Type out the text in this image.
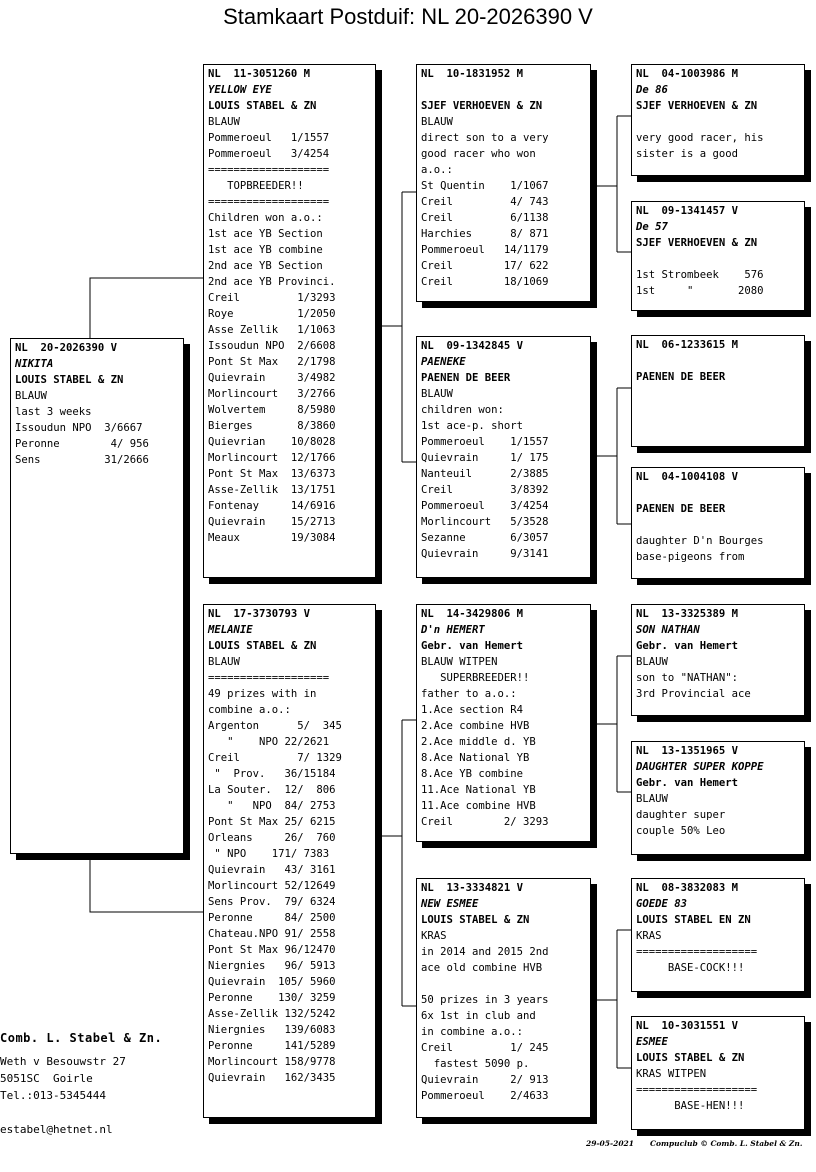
Stamkaart Postduif: NL 20-2026390 V
NL  20-2026390 V
NIKITA
LOUIS STABEL & ZN
BLAUW
last 3 weeks
Issoudun NPO  3/6667
Peronne        4/ 956
Sens          31/2666
NL  11-3051260 M
YELLOW EYE
LOUIS STABEL & ZN
BLAUW
Pommeroeul   1/1557
Pommeroeul   3/4254
===================
TOPBREEDER!!
===================
Children won a.o.:
1st ace YB Section
1st ace YB combine
2nd ace YB Section
2nd ace YB Provinci.
Creil         1/3293
Roye          1/2050
Asse Zellik   1/1063
Issoudun NPO  2/6608
Pont St Max   2/1798
Quievrain     3/4982
Morlincourt   3/2766
Wolvertem     8/5980
Bierges       8/3860
Quievrian    10/8028
Morlincourt  12/1766
Pont St Max  13/6373
Asse-Zellik  13/1751
Fontenay     14/6916
Quievrain    15/2713
Meaux        19/3084
NL  17-3730793 V
MELANIE
LOUIS STABEL & ZN
BLAUW
===================
49 prizes with in
combine a.o.:
Argenton      5/  345
"    NPO 22/2621
Creil         7/ 1329
"  Prov.   36/15184
La Souter.  12/  806
"   NPO  84/ 2753
Pont St Max 25/ 6215
Orleans     26/  760
" NPO    171/ 7383
Quievrain   43/ 3161
Morlincourt 52/12649
Sens Prov.  79/ 6324
Peronne     84/ 2500
Chateau.NPO 91/ 2558
Pont St Max 96/12470
Niergnies   96/ 5913
Quievrain  105/ 5960
Peronne    130/ 3259
Asse-Zellik 132/5242
Niergnies   139/6083
Peronne     141/5289
Morlincourt 158/9778
Quievrain   162/3435
NL  10-1831952 M
SJEF VERHOEVEN & ZN
BLAUW
direct son to a very
good racer who won
a.o.:
St Quentin    1/1067
Creil         4/ 743
Creil         6/1138
Harchies      8/ 871
Pommeroeul   14/1179
Creil        17/ 622
Creil        18/1069
NL  09-1342845 V
PAENEKE
PAENEN DE BEER
BLAUW
children won:
1st ace-p. short
Pommeroeul    1/1557
Quievrain     1/ 175
Nanteuil      2/3885
Creil         3/8392
Pommeroeul    3/4254
Morlincourt   5/3528
Sezanne       6/3057
Quievrain     9/3141
NL  14-3429806 M
D'n HEMERT
Gebr. van Hemert
BLAUW WITPEN
SUPERBREEDER!!
father to a.o.:
1.Ace section R4
2.Ace combine HVB
2.Ace middle d. YB
8.Ace National YB
8.Ace YB combine
11.Ace National YB
11.Ace combine HVB
Creil        2/ 3293
NL  13-3334821 V
NEW ESMEE
LOUIS STABEL & ZN
KRAS
in 2014 and 2015 2nd
ace old combine HVB
50 prizes in 3 years
6x 1st in club and
in combine a.o.:
Creil         1/ 245
fastest 5090 p.
Quievrain     2/ 913
Pommeroeul    2/4633
NL  04-1003986 M
De 86
SJEF VERHOEVEN & ZN
very good racer, his
sister is a good
NL  09-1341457 V
De 57
SJEF VERHOEVEN & ZN
1st Strombeek    576
1st     "       2080
NL  06-1233615 M
PAENEN DE BEER
NL  04-1004108 V
PAENEN DE BEER
daughter D'n Bourges
base-pigeons from
NL  13-3325389 M
SON NATHAN
Gebr. van Hemert
BLAUW
son to "NATHAN":
3rd Provincial ace
NL  13-1351965 V
DAUGHTER SUPER KOPPE
Gebr. van Hemert
BLAUW
daughter super
couple 50% Leo
NL  08-3832083 M
GOEDE 83
LOUIS STABEL EN ZN
KRAS
===================
BASE-COCK!!!
NL  10-3031551 V
ESMEE
LOUIS STABEL & ZN
KRAS WITPEN
===================
BASE-HEN!!!
Comb. L. Stabel & Zn.
Weth v Besouwstr 27
5051SC  Goirle
Tel.:013-5345444
estabel@hetnet.nl
29-05-2021 Compuclub © Comb. L. Stabel & Zn.
